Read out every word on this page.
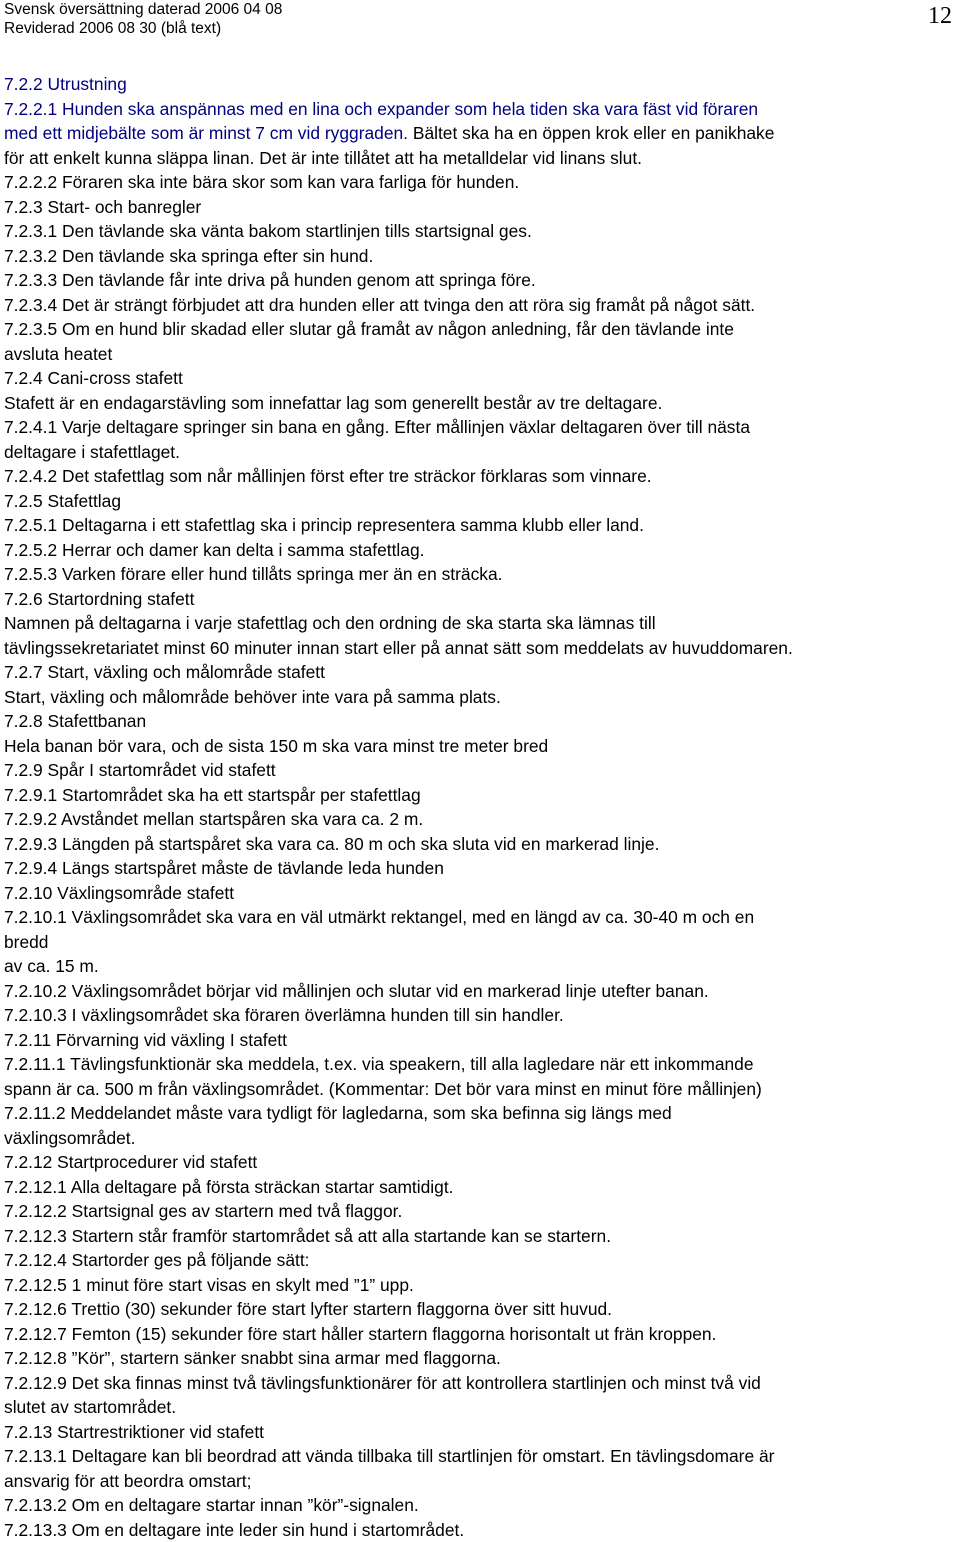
Svensk översättning daterad 2006 04 08
Reviderad 2006 08 30 (blå text)	12
7.2.2 Utrustning
7.2.2.1 Hunden ska anspännas med en lina och expander som hela tiden ska vara fäst vid föraren
med ett midjebälte som är minst 7 cm vid ryggraden. Bältet ska ha en öppen krok eller en panikhake
för att enkelt kunna släppa linan. Det är inte tillåtet att ha metalldelar vid linans slut.
7.2.2.2 Föraren ska inte bära skor som kan vara farliga för hunden.
7.2.3 Start- och banregler
7.2.3.1 Den tävlande ska vänta bakom startlinjen tills startsignal ges.
7.2.3.2 Den tävlande ska springa efter sin hund.
7.2.3.3 Den tävlande får inte driva på hunden genom att springa före.
7.2.3.4 Det är strängt förbjudet att dra hunden eller att tvinga den att röra sig framåt på något sätt.
7.2.3.5 Om en hund blir skadad eller slutar gå framåt av någon anledning, får den tävlande inte
avsluta heatet
7.2.4 Cani-cross stafett
Stafett är en endagarstävling som innefattar lag som generellt består av tre deltagare.
7.2.4.1 Varje deltagare springer sin bana en gång. Efter mållinjen växlar deltagaren över till nästa
deltagare i stafettlaget.
7.2.4.2 Det stafettlag som når mållinjen först efter tre sträckor förklaras som vinnare.
7.2.5 Stafettlag
7.2.5.1 Deltagarna i ett stafettlag ska i princip representera samma klubb eller land.
7.2.5.2 Herrar och damer kan delta i samma stafettlag.
7.2.5.3 Varken förare eller hund tillåts springa mer än en sträcka.
7.2.6 Startordning stafett
Namnen på deltagarna i varje stafettlag och den ordning de ska starta ska lämnas till
tävlingssekretariatet minst 60 minuter innan start eller på annat sätt som meddelats av huvuddomaren.
7.2.7 Start, växling och målområde stafett
Start, växling och målområde behöver inte vara på samma plats.
7.2.8 Stafettbanan
Hela banan bör vara, och de sista 150 m ska vara minst tre meter bred
7.2.9 Spår I startområdet vid stafett
7.2.9.1 Startområdet ska ha ett startspår per stafettlag
7.2.9.2 Avståndet mellan startspåren ska vara ca. 2 m.
7.2.9.3 Längden på startspåret ska vara ca. 80 m och ska sluta vid en markerad linje.
7.2.9.4 Längs startspåret måste de tävlande leda hunden
7.2.10 Växlingsområde stafett
7.2.10.1 Växlingsområdet ska vara en väl utmärkt rektangel, med en längd av ca. 30-40 m och en
bredd
av ca. 15 m.
7.2.10.2 Växlingsområdet börjar vid mållinjen och slutar vid en markerad linje utefter banan.
7.2.10.3 I växlingsområdet ska föraren överlämna hunden till sin handler.
7.2.11 Förvarning vid växling I stafett
7.2.11.1 Tävlingsfunktionär ska meddela, t.ex. via speakern, till alla lagledare när ett inkommande
spann är ca. 500 m från växlingsområdet. (Kommentar: Det bör vara minst en minut före mållinjen)
7.2.11.2 Meddelandet måste vara tydligt för lagledarna, som ska befinna sig längs med
växlingsområdet.
7.2.12 Startprocedurer vid stafett
7.2.12.1 Alla deltagare på första sträckan startar samtidigt.
7.2.12.2 Startsignal ges av startern med två flaggor.
7.2.12.3 Startern står framför startområdet så att alla startande kan se startern.
7.2.12.4 Startorder ges på följande sätt:
7.2.12.5 1 minut före start visas en skylt med ”1” upp.
7.2.12.6 Trettio (30) sekunder före start lyfter startern flaggorna över sitt huvud.
7.2.12.7 Femton (15) sekunder före start håller startern flaggorna horisontalt ut frän kroppen.
7.2.12.8 ”Kör”, startern sänker snabbt sina armar med flaggorna.
7.2.12.9 Det ska finnas minst två tävlingsfunktionärer för att kontrollera startlinjen och minst två vid
slutet av startområdet.
7.2.13 Startrestriktioner vid stafett
7.2.13.1 Deltagare kan bli beordrad att vända tillbaka till startlinjen för omstart. En tävlingsdomare är
ansvarig för att beordra omstart;
7.2.13.2 Om en deltagare startar innan ”kör”-signalen.
7.2.13.3 Om en deltagare inte leder sin hund i startområdet.
